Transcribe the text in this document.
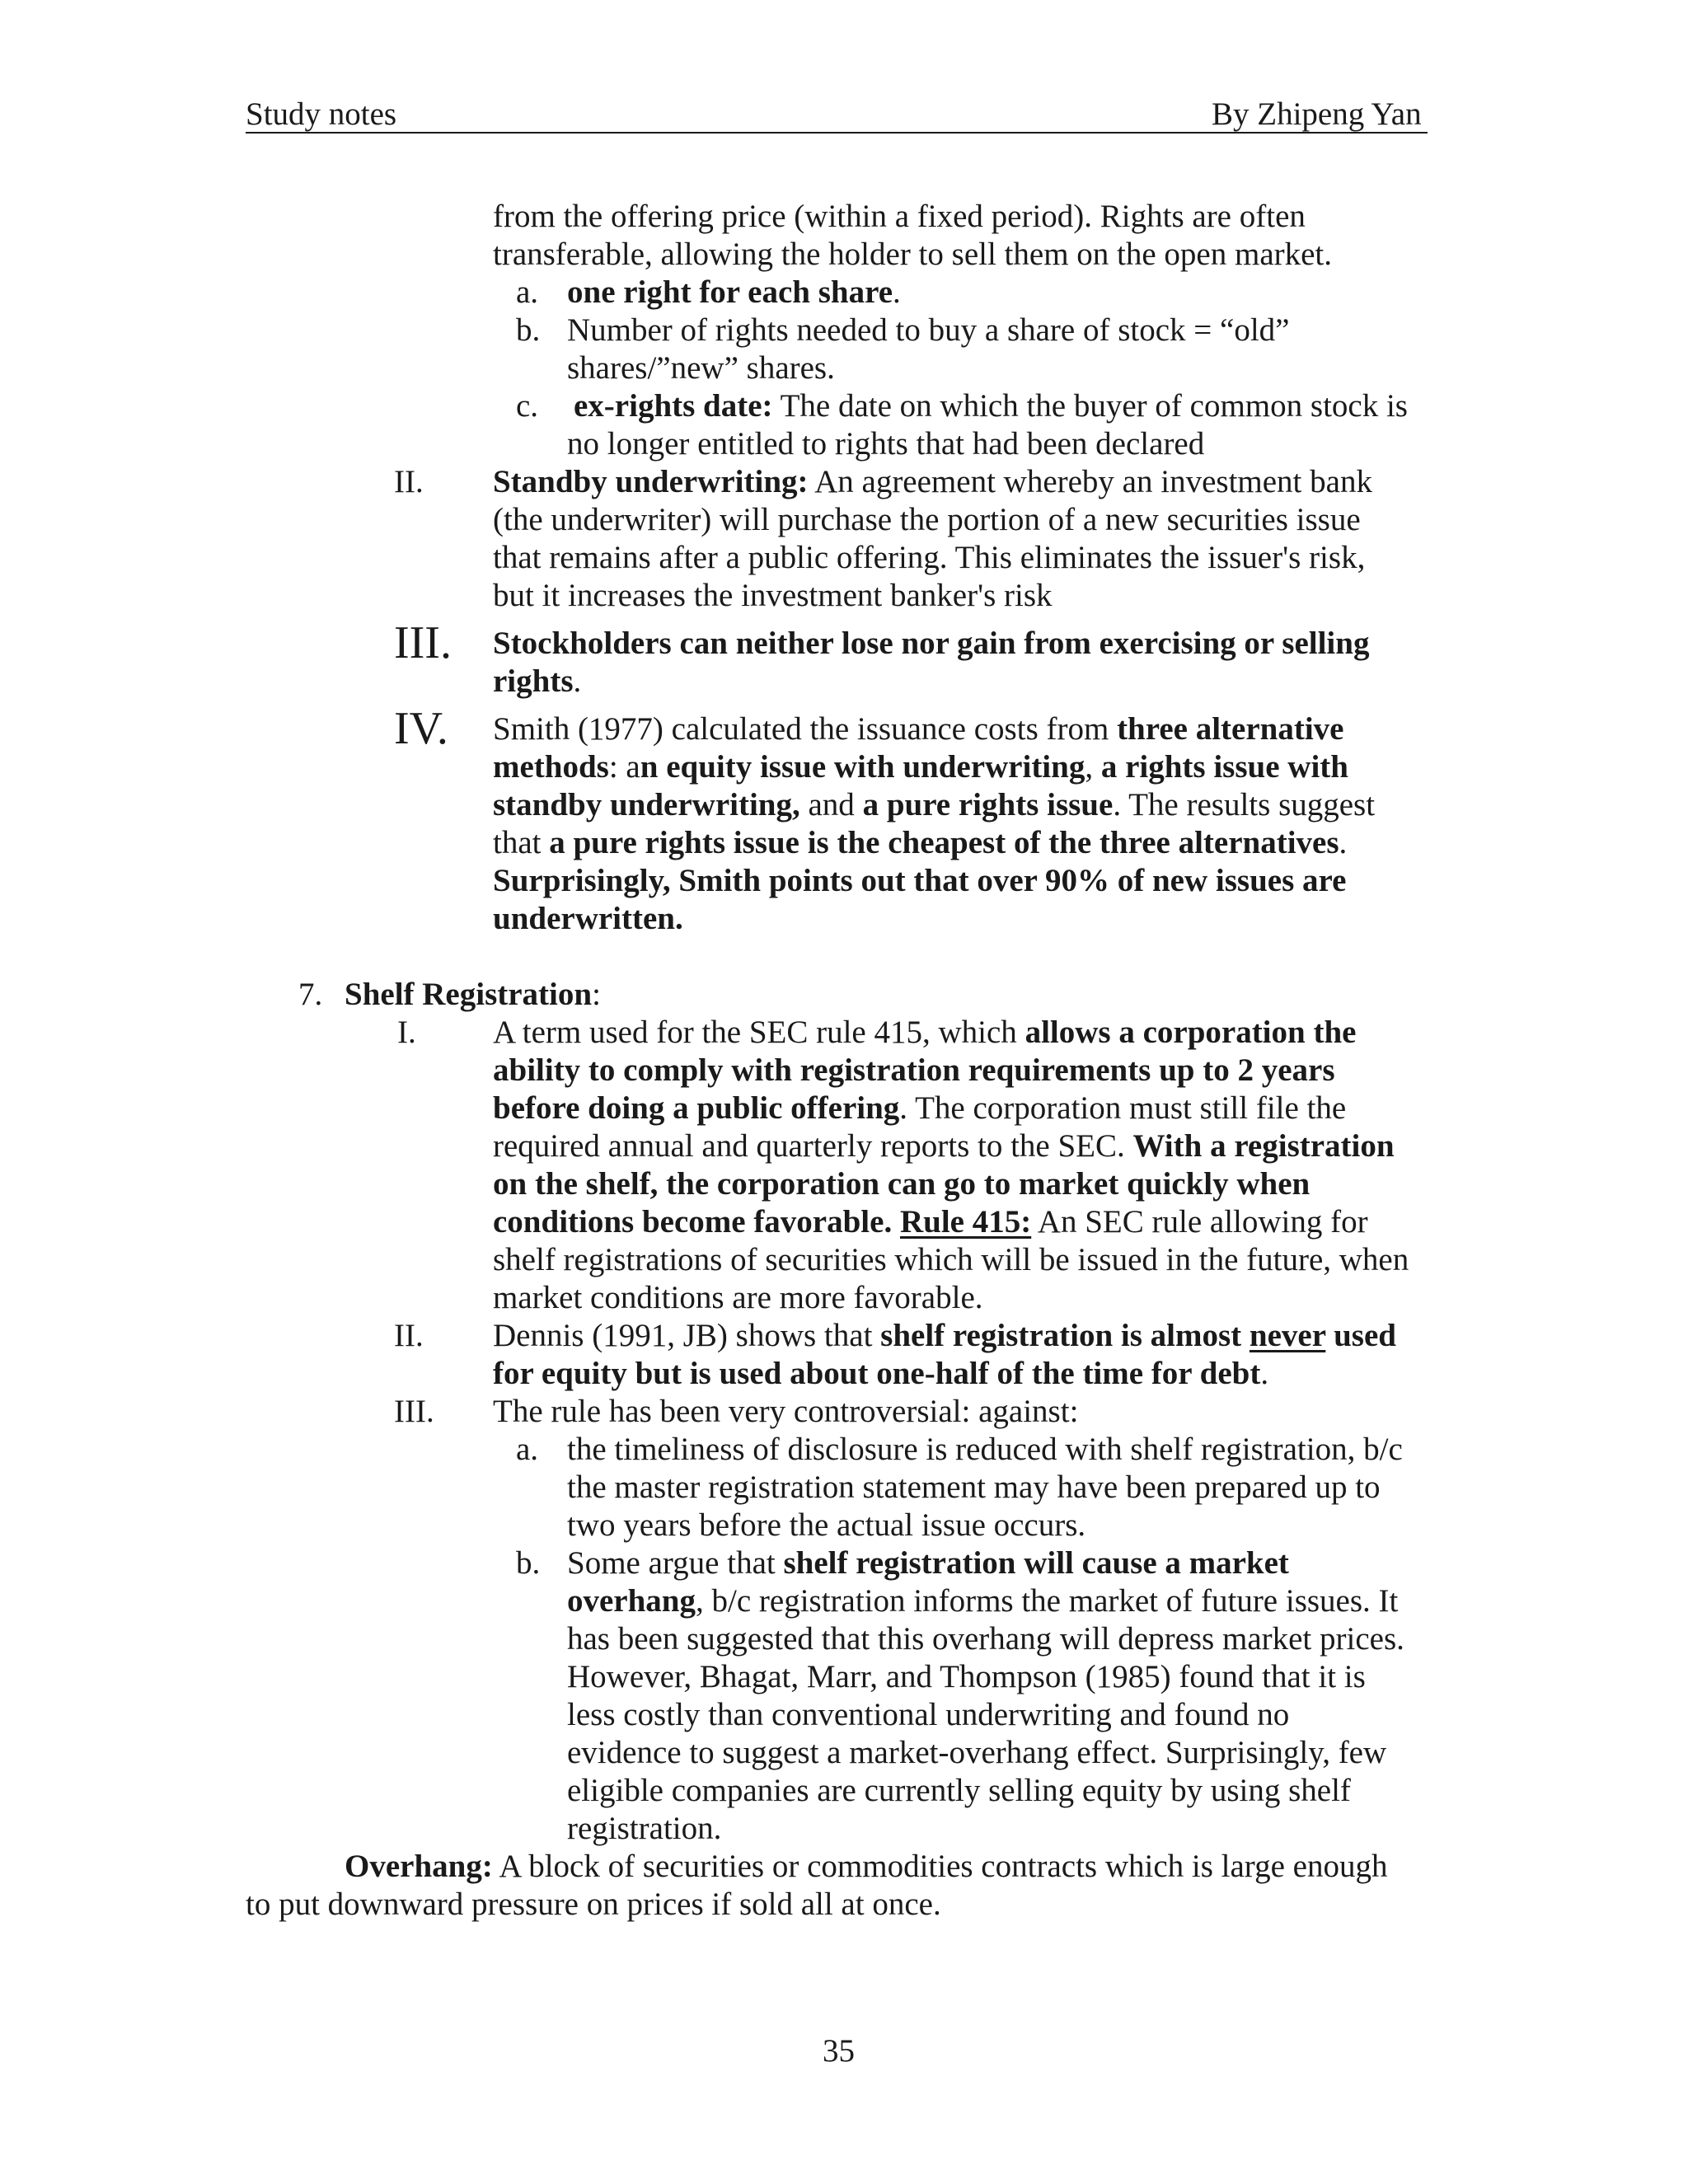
Study notes	By Zhipeng Yan
from the offering price (within a fixed period). Rights are often
transferable, allowing the holder to sell them on the open market.
a. one right for each share.
b. Number of rights needed to buy a share of stock = “old”
shares/”new” shares.
c. ex-rights date: The date on which the buyer of common stock is
no longer entitled to rights that had been declared
II. Standby underwriting: An agreement whereby an investment bank
(the underwriter) will purchase the portion of a new securities issue
that remains after a public offering. This eliminates the issuer's risk,
but it increases the investment banker's risk
III. Stockholders can neither lose nor gain from exercising or selling
rights.
IV. Smith (1977) calculated the issuance costs from three alternative
methods: an equity issue with underwriting, a rights issue with
standby underwriting, and a pure rights issue. The results suggest
that a pure rights issue is the cheapest of the three alternatives.
Surprisingly, Smith points out that over 90% of new issues are
underwritten.
7. Shelf Registration:
I. A term used for the SEC rule 415, which allows a corporation the
ability to comply with registration requirements up to 2 years
before doing a public offering. The corporation must still file the
required annual and quarterly reports to the SEC. With a registration
on the shelf, the corporation can go to market quickly when
conditions become favorable. Rule 415: An SEC rule allowing for
shelf registrations of securities which will be issued in the future, when
market conditions are more favorable.
II. Dennis (1991, JB) shows that shelf registration is almost never used
for equity but is used about one-half of the time for debt.
III. The rule has been very controversial: against:
a. the timeliness of disclosure is reduced with shelf registration, b/c
the master registration statement may have been prepared up to
two years before the actual issue occurs.
b. Some argue that shelf registration will cause a market
overhang, b/c registration informs the market of future issues. It
has been suggested that this overhang will depress market prices.
However, Bhagat, Marr, and Thompson (1985) found that it is
less costly than conventional underwriting and found no
evidence to suggest a market-overhang effect. Surprisingly, few
eligible companies are currently selling equity by using shelf
registration.
Overhang: A block of securities or commodities contracts which is large enough
to put downward pressure on prices if sold all at once.
35
